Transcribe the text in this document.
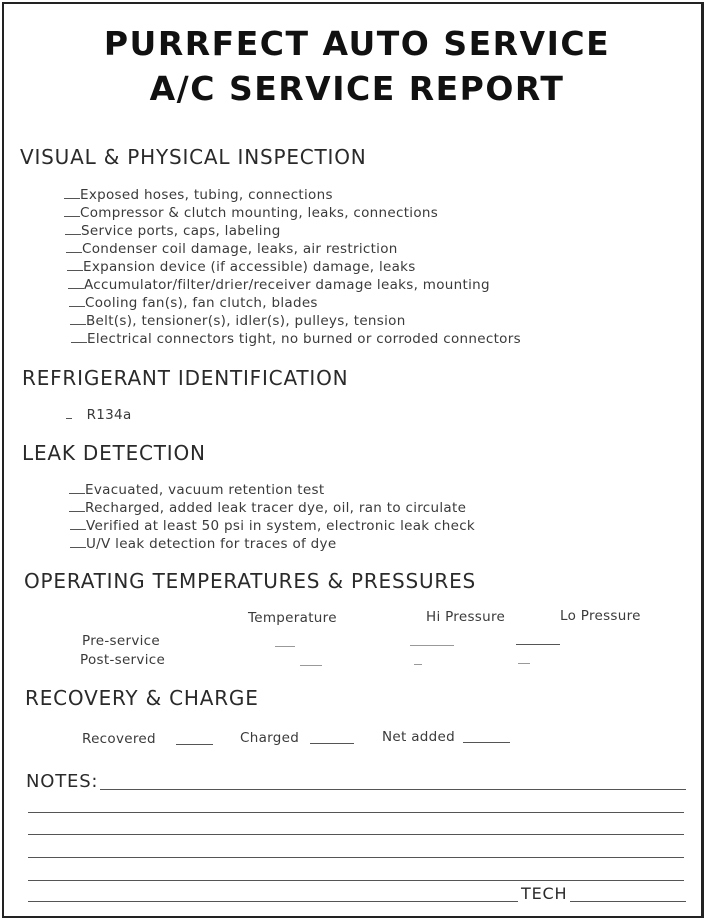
PURRFECT AUTO SERVICE
A/C SERVICE REPORT
VISUAL & PHYSICAL INSPECTION
Exposed hoses, tubing, connections
Compressor & clutch mounting, leaks, connections
Service ports, caps, labeling
Condenser coil damage, leaks, air restriction
Expansion device (if accessible) damage, leaks
Accumulator/filter/drier/receiver damage leaks, mounting
Cooling fan(s), fan clutch, blades
Belt(s), tensioner(s), idler(s), pulleys, tension
Electrical connectors tight, no burned or corroded connectors
REFRIGERANT IDENTIFICATION
R134a
LEAK DETECTION
Evacuated, vacuum retention test
Recharged, added leak tracer dye, oil, ran to circulate
Verified at least 50 psi in system, electronic leak check
U/V leak detection for traces of dye
OPERATING TEMPERATURES & PRESSURES
Temperature	Hi Pressure	Lo Pressure
Pre-service
Post-service
RECOVERY & CHARGE
Recovered	Charged	Net added
NOTES:
TECH
